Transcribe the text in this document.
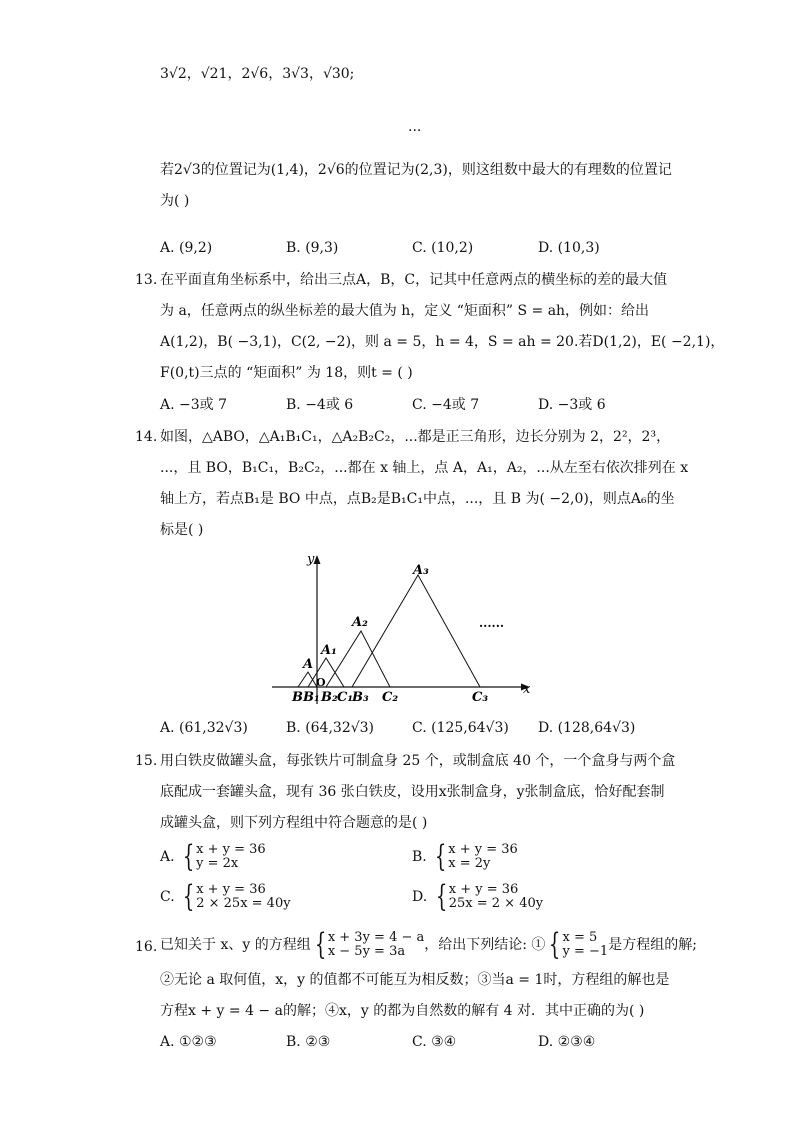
3√2，√21，2√6，3√3，√30;
...
若2√3的位置记为(1,4)，2√6的位置记为(2,3)，则这组数中最大的有理数的位置记
为( )
A. (9,2)	B. (9,3)	C. (10,2)	D. (10,3)
13. 在平面直角坐标系中，给出三点A，B，C，记其中任意两点的横坐标的差的最大值
为 a，任意两点的纵坐标差的最大值为 h，定义 “矩面积” S = ah，例如：给出
A(1,2)，B( −3,1)，C(2, −2)，则 a = 5，h = 4，S = ah = 20.若D(1,2)，E( −2,1)，
F(0,t)三点的 “矩面积” 为 18，则t = ( )
A. −3或 7	B. −4或 6	C. −4或 7	D. −3或 6
14. 如图，△ABO，△A₁B₁C₁，△A₂B₂C₂，...都是正三角形，边长分别为 2，2²，2³，
...，且 BO，B₁C₁，B₂C₂，...都在 x 轴上，点 A，A₁，A₂，...从左至右依次排列在 x
轴上方，若点B₁是 BO 中点，点B₂是B₁C₁中点，...，且 B 为( −2,0)，则点A₆的坐
标是( )
y
x
A
A₁
A₂
A₃
......
B B₁
O
B₂ C₁
B₃ C₂	C₃
A. (61,32√3)	B. (64,32√3)	C. (125,64√3) D. (128,64√3)
15. 用白铁皮做罐头盒，每张铁片可制盒身 25 个，或制盒底 40 个，一个盒身与两个盒
底配成一套罐头盒，现有 36 张白铁皮，设用x张制盒身，y张制盒底，恰好配套制
成罐头盒，则下列方程组中符合题意的是( )
A. { x + y = 36
y = 2x	B. { x + y = 36
x = 2y
C. { x + y = 36
2 × 25x = 40y	D. { x + y = 36
25x = 2 × 40y
16. 已知关于 x、y 的方程组 { x + 3y = 4 − a
x − 5y = 3a	，给出下列结论: ① { x = 5
y = −1 是方程组的解;
②无论 a 取何值，x，y 的值都不可能互为相反数；③当a = 1时，方程组的解也是
方程x + y = 4 − a的解；④x，y 的都为自然数的解有 4 对．其中正确的为( )
A. ①②③	B. ②③	C. ③④	D. ②③④
